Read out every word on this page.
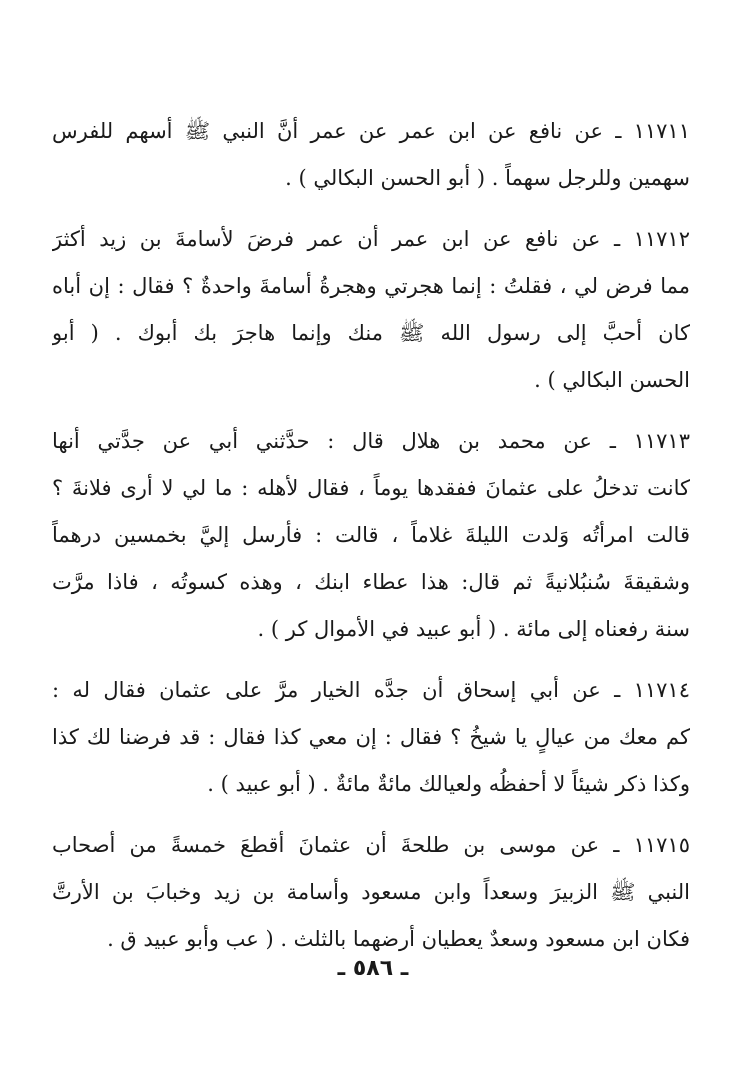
١١٧١١ ـ عن نافع عن ابن عمر عن عمر أنَّ النبي ﷺ أسهم للفرس
سهمين وللرجل سهماً . ( أبو الحسن البكالي ) .
١١٧١٢ ـ عن نافع عن ابن عمر أن عمر فرضَ لأسامةَ بن زيد أكثرَ
مما فرض لي ، فقلتُ : إنما هجرتي وهجرةُ أسامةَ واحدةٌ ؟ فقال : إن أباه
كان أحبَّ إلى رسول الله ﷺ منك وإنما هاجرَ بك أبوك . ( أبو
الحسن البكالي ) .
١١٧١٣ ـ عن محمد بن هلال قال : حدَّثني أبي عن جدَّتي أنها
كانت تدخلُ على عثمانَ ففقدها يوماً ، فقال لأهله : ما لي لا أرى فلانةَ ؟
قالت امرأتُه وَلدت الليلةَ غلاماً ، قالت : فأرسل إليَّ بخمسين درهماً
وشقيقةَ سُنبُلانيةً ثم قال: هذا عطاء ابنك ، وهذه كسوتُه ، فاذا مرَّت
سنة رفعناه إلى مائة . ( أبو عبيد في الأموال كر ) .
١١٧١٤ ـ عن أبي إسحاق أن جدَّه الخيار مرَّ على عثمان فقال له :
كم معك من عيالٍ يا شيخُ ؟ فقال : إن معي كذا فقال : قد فرضنا لك كذا
وكذا ذكر شيئاً لا أحفظُه ولعيالك مائةٌ مائةٌ . ( أبو عبيد ) .
١١٧١٥ ـ عن موسى بن طلحةَ أن عثمانَ أقطعَ خمسةً من أصحاب
النبي ﷺ الزبيرَ وسعداً وابن مسعود وأسامة بن زيد وخبابَ بن الأرتَّ
فكان ابن مسعود وسعدٌ يعطيان أرضهما بالثلث . ( عب وأبو عبيد ق .
ـ ٥٨٦ ـ
